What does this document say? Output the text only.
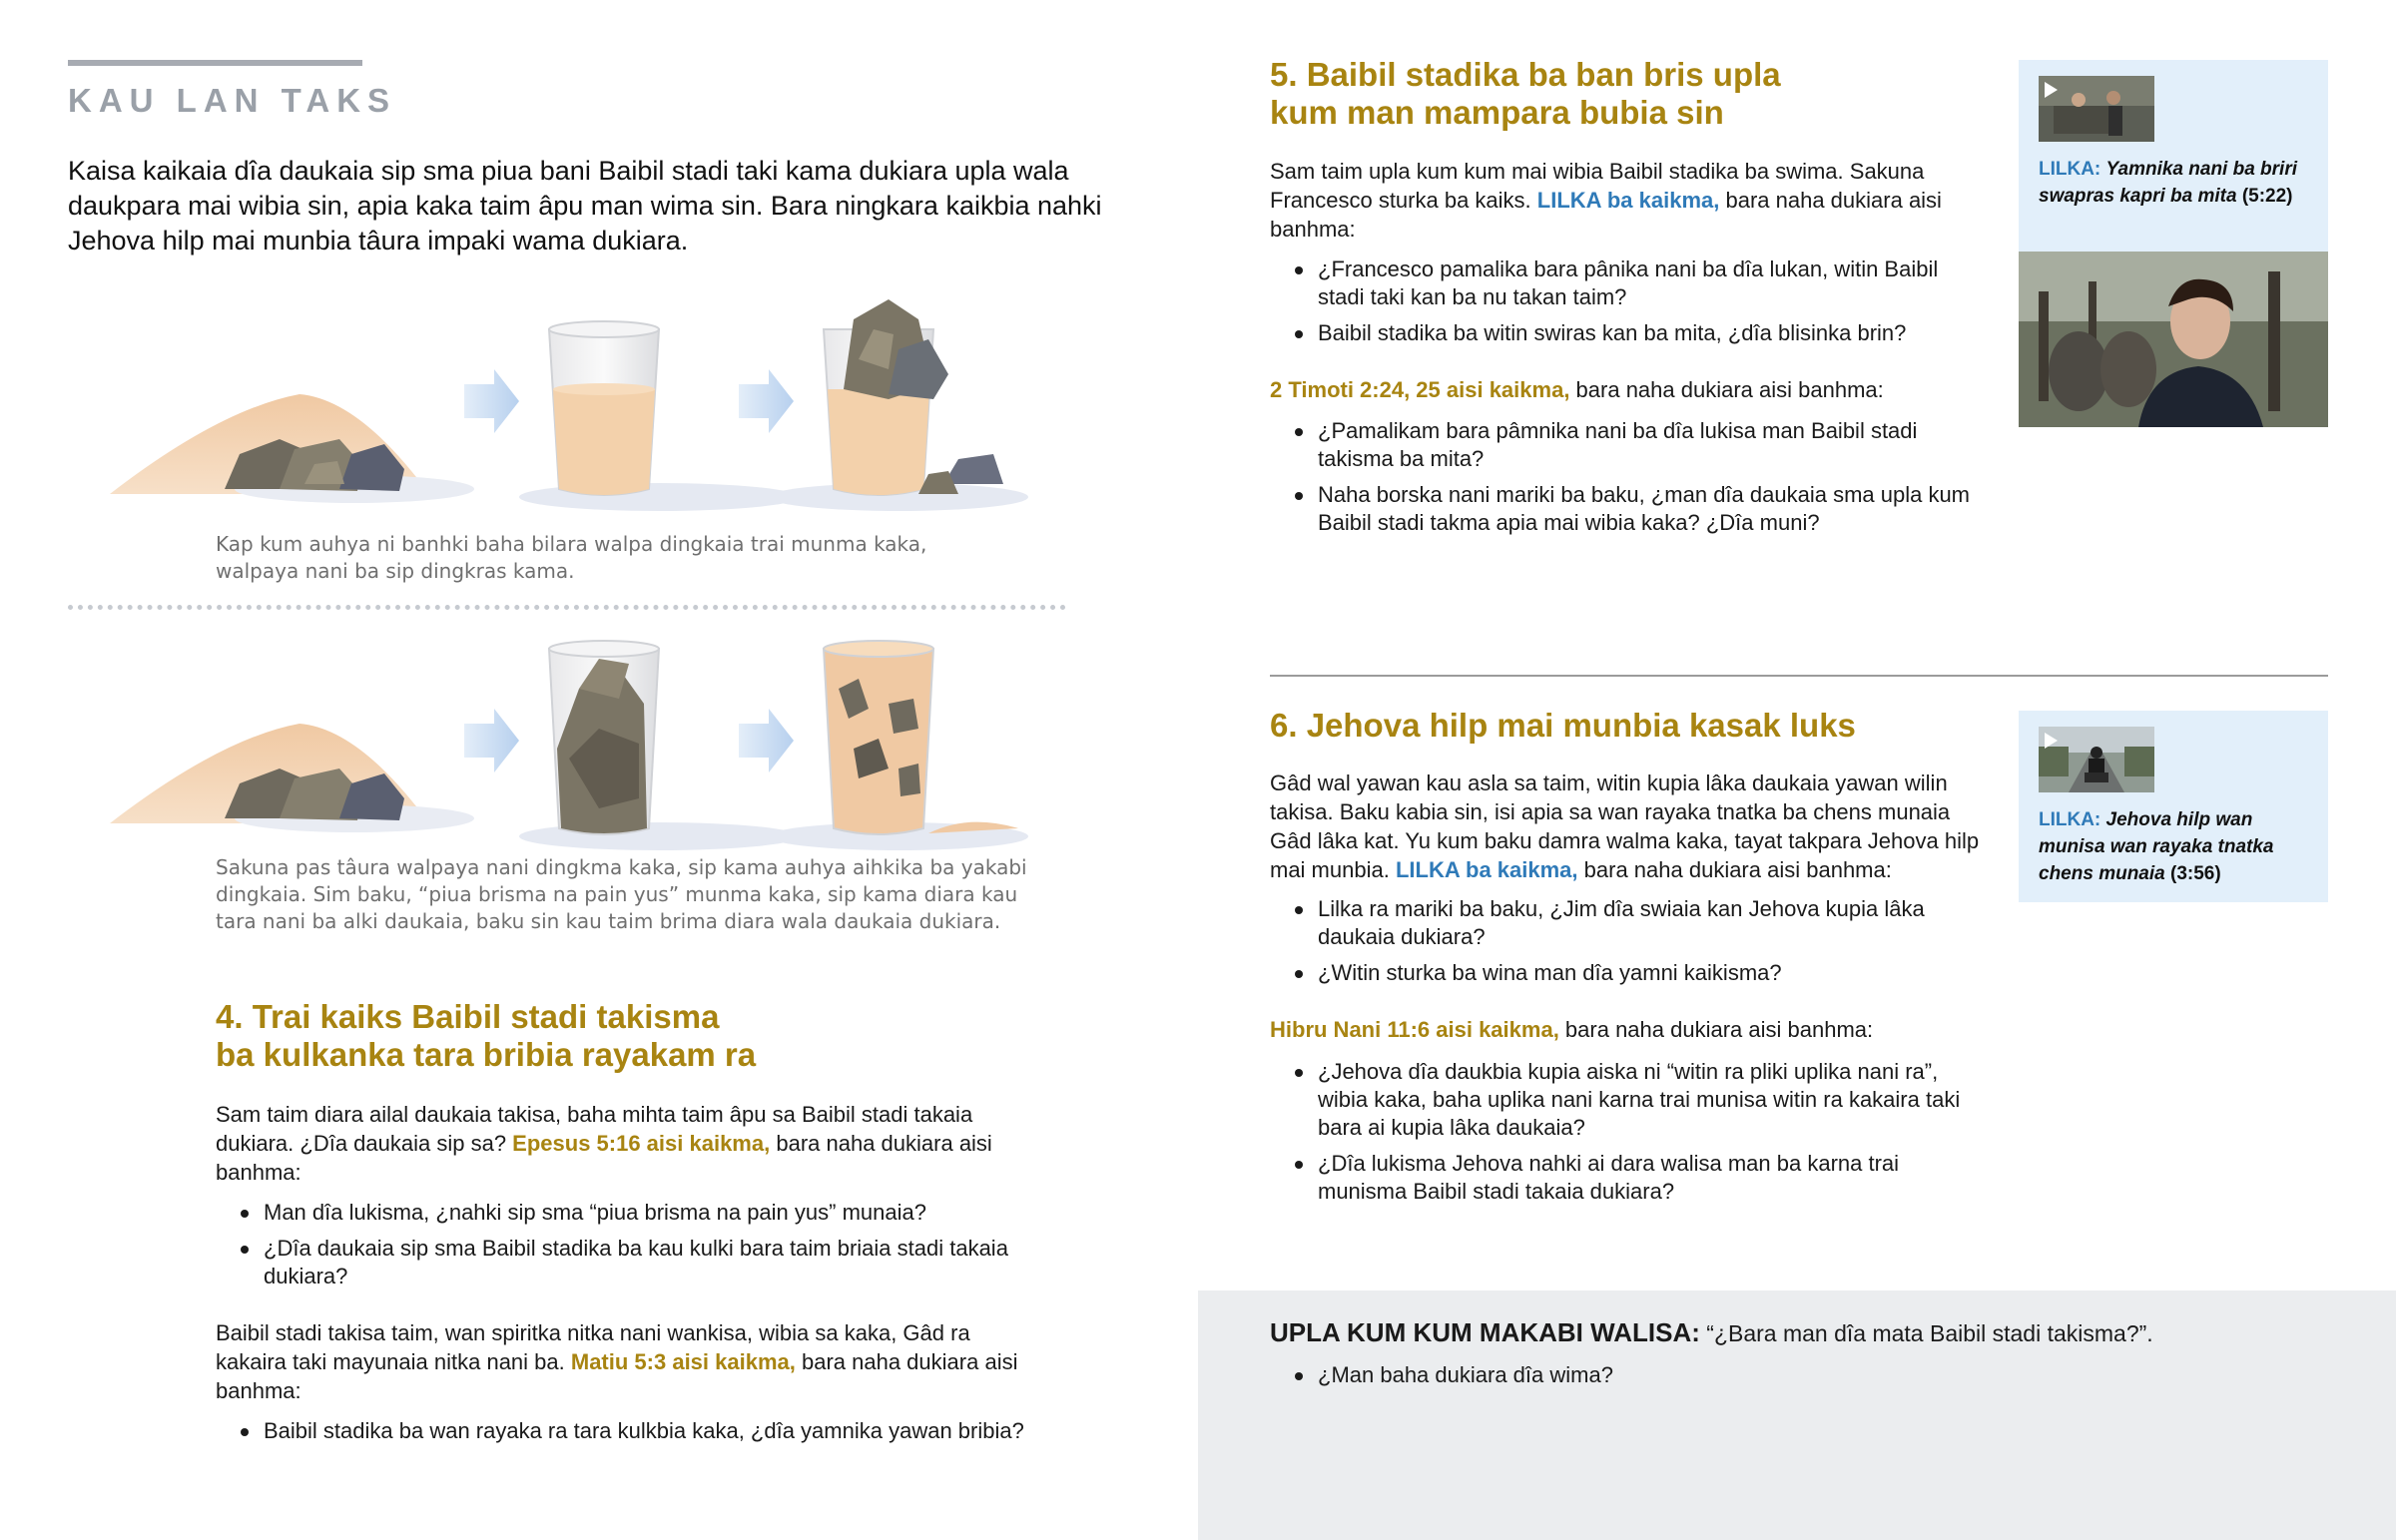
KAU LAN TAKS

Kaisa kaikaia dîa daukaia sip sma piua bani Baibil stadi taki kama dukiara upla wala daukpara mai wibia sin, apia kaka taim âpu man wima sin. Bara ningkara kaikbia nahki Jehova hilp mai munbia tâura impaki wama dukiara.

Kap kum auhya ni banhki baha bilara walpa dingkaia trai munma kaka,
walpaya nani ba sip dingkras kama.

Sakuna pas tâura walpaya nani dingkma kaka, sip kama auhya aihkika ba yakabi
dingkaia. Sim baku, “piua brisma na pain yus” munma kaka, sip kama diara kau
tara nani ba alki daukaia, baku sin kau taim brima diara wala daukaia dukiara.

4. Trai kaiks Baibil stadi takisma
ba kulkanka tara bribia rayakam ra

Sam taim diara ailal daukaia takisa, baha mihta taim âpu sa Baibil stadi takaia dukiara. ¿Dîa daukaia sip sa? Epesus 5:16 aisi kaikma, bara naha dukiara aisi banhma:

Man dîa lukisma, ¿nahki sip sma “piua brisma na pain yus” munaia?
¿Dîa daukaia sip sma Baibil stadika ba kau kulki bara taim briaia stadi takaia dukiara?

Baibil stadi takisa taim, wan spiritka nitka nani wankisa, wibia sa kaka, Gâd ra kakaira taki mayunaia nitka nani ba. Matiu 5:3 aisi kaikma, bara naha dukiara aisi banhma:

Baibil stadika ba wan rayaka ra tara kulkbia kaka, ¿dîa yamnika yawan bribia?
5. Baibil stadika ba ban bris upla
kum man mampara bubia sin

Sam taim upla kum kum mai wibia Baibil stadika ba swima. Sakuna Francesco sturka ba kaiks. LILKA ba kaikma, bara naha dukiara aisi banhma:

¿Francesco pamalika bara pânika nani ba dîa lukan, witin Baibil stadi taki kan ba nu takan taim?
Baibil stadika ba witin swiras kan ba mita, ¿dîa blisinka brin?

2 Timoti 2:24, 25 aisi kaikma, bara naha dukiara aisi banhma:

¿Pamalikam bara pâmnika nani ba dîa lukisa man Baibil stadi takisma ba mita?
Naha borska nani mariki ba baku, ¿man dîa daukaia sma upla kum Baibil stadi takma apia mai wibia kaka? ¿Dîa muni?

LILKA: Yamnika nani ba briri swapras kapri ba mita (5:22)

6. Jehova hilp mai munbia kasak luks

Gâd wal yawan kau asla sa taim, witin kupia lâka daukaia yawan wilin takisa. Baku kabia sin, isi apia sa wan rayaka tnatka ba chens munaia Gâd lâka kat. Yu kum baku damra walma kaka, tayat takpara Jehova hilp mai munbia. LILKA ba kaikma, bara naha dukiara aisi banhma:

Lilka ra mariki ba baku, ¿Jim dîa swiaia kan Jehova kupia lâka daukaia dukiara?
¿Witin sturka ba wina man dîa yamni kaikisma?

Hibru Nani 11:6 aisi kaikma, bara naha dukiara aisi banhma:

¿Jehova dîa daukbia kupia aiska ni “witin ra pliki uplika nani ra”, wibia kaka, baha uplika nani karna trai munisa witin ra kakaira taki bara ai kupia lâka daukaia?
¿Dîa lukisma Jehova nahki ai dara walisa man ba karna trai munisma Baibil stadi takaia dukiara?

LILKA: Jehova hilp wan munisa wan rayaka tnatka chens munaia (3:56)

UPLA KUM KUM MAKABI WALISA: “¿Bara man dîa mata Baibil stadi takisma?”.

¿Man baha dukiara dîa wima?
